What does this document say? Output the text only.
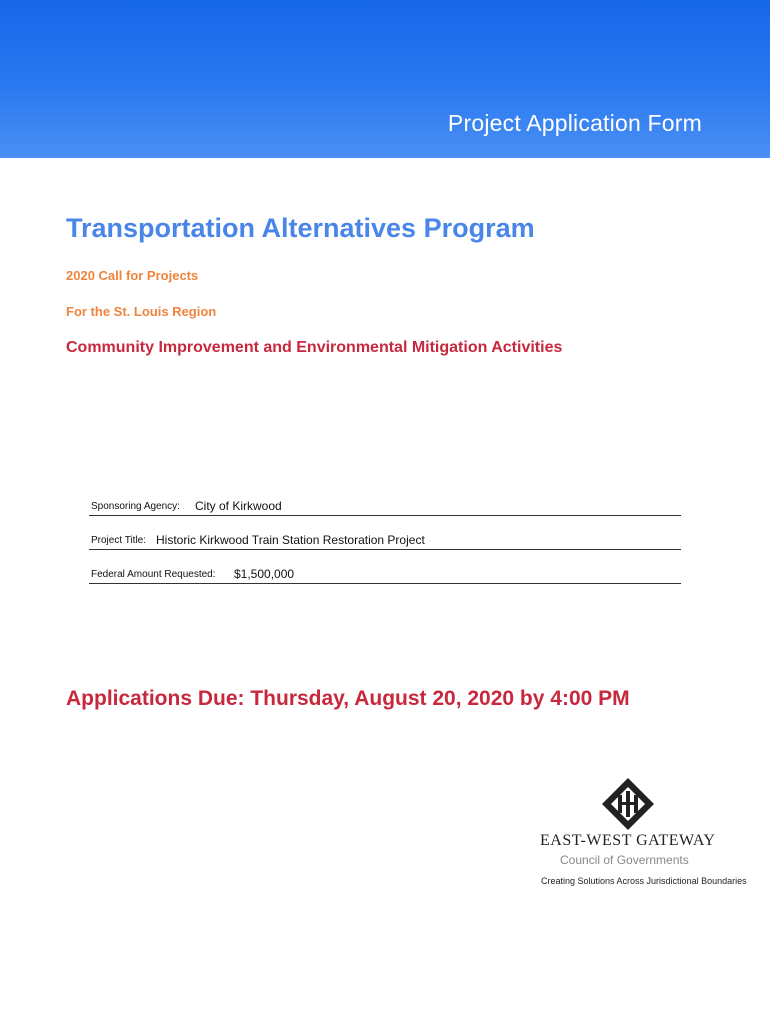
Project Application Form
Transportation Alternatives Program
2020 Call for Projects
For the St. Louis Region
Community Improvement and Environmental Mitigation Activities
Sponsoring Agency: City of Kirkwood
Project Title: Historic Kirkwood Train Station Restoration Project
Federal Amount Requested: $1,500,000
Applications Due: Thursday, August 20, 2020 by 4:00 PM
EAST-WEST GATEWAY
Council of Governments
Creating Solutions Across Jurisdictional Boundaries
